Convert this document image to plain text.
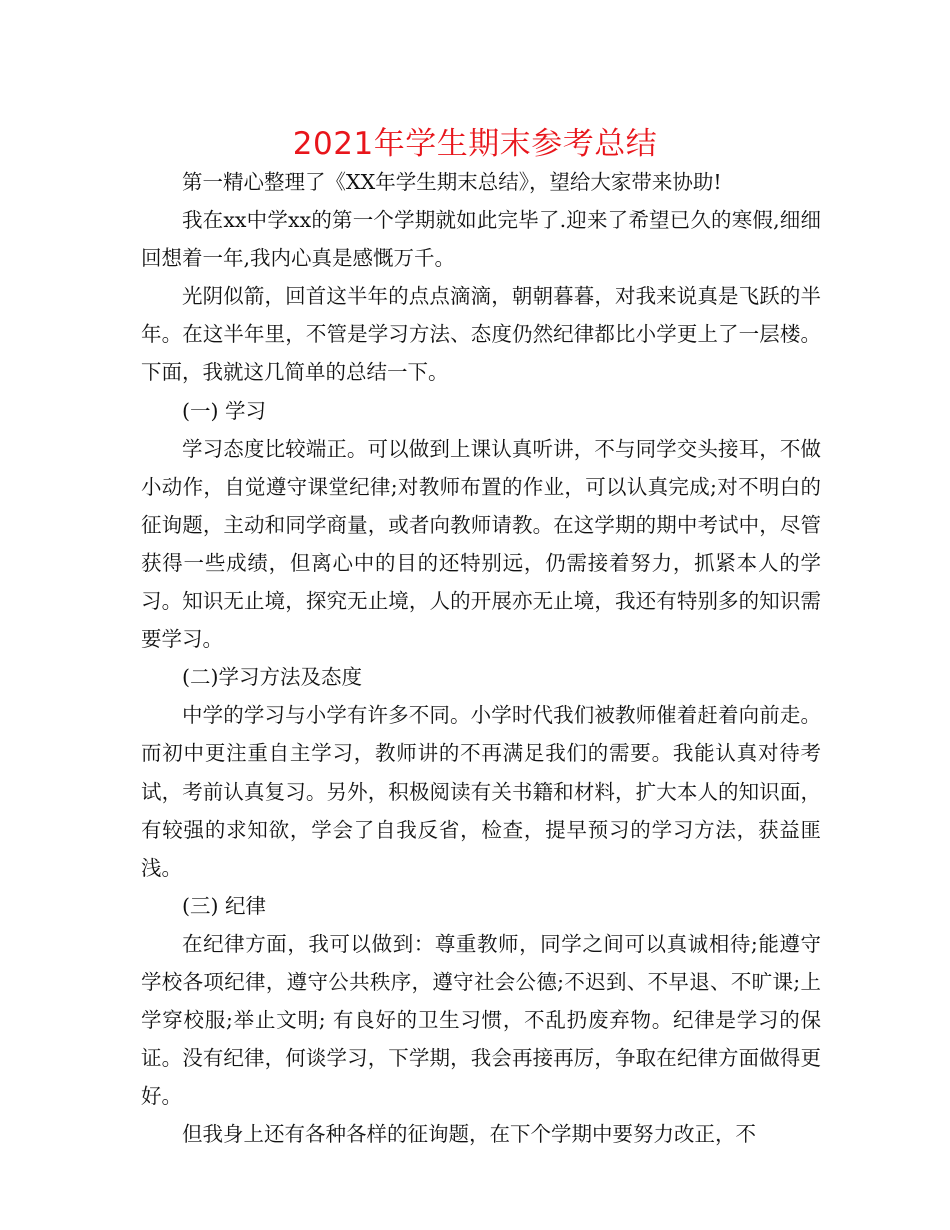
2021年学生期末参考总结

第一精心整理了《XX年学生期末总结》，望给大家带来协助!

我在xx中学xx的第一个学期就如此完毕了.迎来了希望已久的寒假,细细回想着一年,我内心真是感慨万千。

光阴似箭，回首这半年的点点滴滴，朝朝暮暮，对我来说真是飞跃的半年。在这半年里，不管是学习方法、态度仍然纪律都比小学更上了一层楼。下面，我就这几简单的总结一下。

(一) 学习

学习态度比较端正。可以做到上课认真听讲，不与同学交头接耳，不做小动作，自觉遵守课堂纪律;对教师布置的作业，可以认真完成;对不明白的征询题，主动和同学商量，或者向教师请教。在这学期的期中考试中，尽管获得一些成绩，但离心中的目的还特别远，仍需接着努力，抓紧本人的学习。知识无止境，探究无止境，人的开展亦无止境，我还有特别多的知识需要学习。

(二)学习方法及态度

中学的学习与小学有许多不同。小学时代我们被教师催着赶着向前走。而初中更注重自主学习，教师讲的不再满足我们的需要。我能认真对待考试，考前认真复习。另外，积极阅读有关书籍和材料，扩大本人的知识面，有较强的求知欲，学会了自我反省，检查，提早预习的学习方法，获益匪浅。

(三) 纪律

在纪律方面，我可以做到：尊重教师，同学之间可以真诚相待;能遵守学校各项纪律，遵守公共秩序，遵守社会公德;不迟到、不早退、不旷课;上学穿校服;举止文明; 有良好的卫生习惯，不乱扔废弃物。纪律是学习的保证。没有纪律，何谈学习，下学期，我会再接再厉，争取在纪律方面做得更好。

但我身上还有各种各样的征询题，在下个学期中要努力改正，不
